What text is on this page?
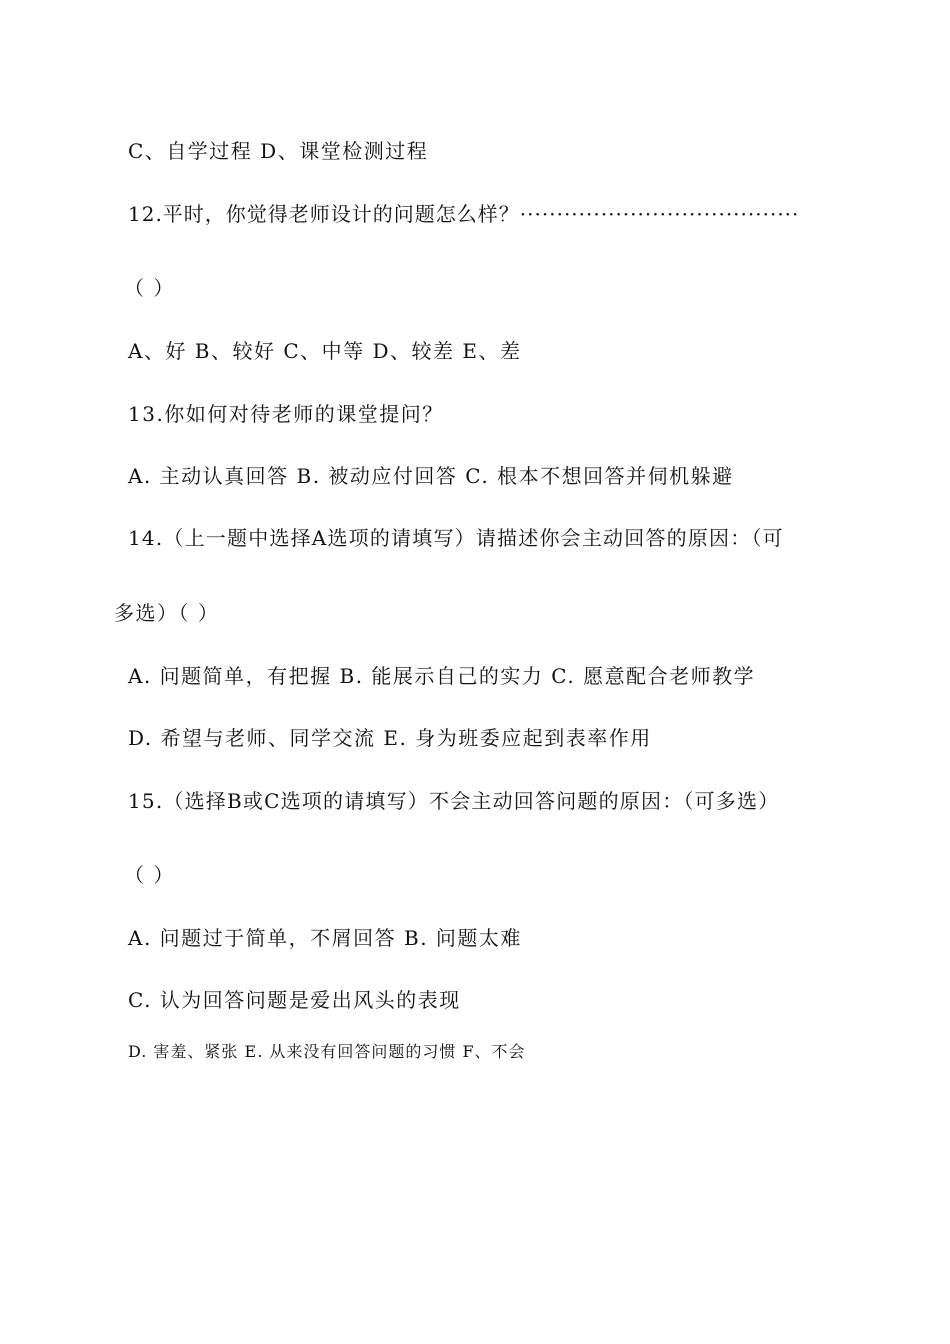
C、自学过程 D、课堂检测过程
12.平时，你觉得老师设计的问题怎么样？······································
（ ）
A、好 B、较好 C、中等 D、较差 E、差
13.你如何对待老师的课堂提问？
A. 主动认真回答 B. 被动应付回答 C. 根本不想回答并伺机躲避
14.（上一题中选择A选项的请填写）请描述你会主动回答的原因：（可
多选）（ ）
A. 问题简单，有把握 B. 能展示自己的实力 C. 愿意配合老师教学
D. 希望与老师、同学交流 E. 身为班委应起到表率作用
15.（选择B或C选项的请填写）不会主动回答问题的原因：（可多选）
（ ）
A. 问题过于简单，不屑回答 B. 问题太难
C. 认为回答问题是爱出风头的表现
D. 害羞、紧张 E. 从来没有回答问题的习惯 F、不会
